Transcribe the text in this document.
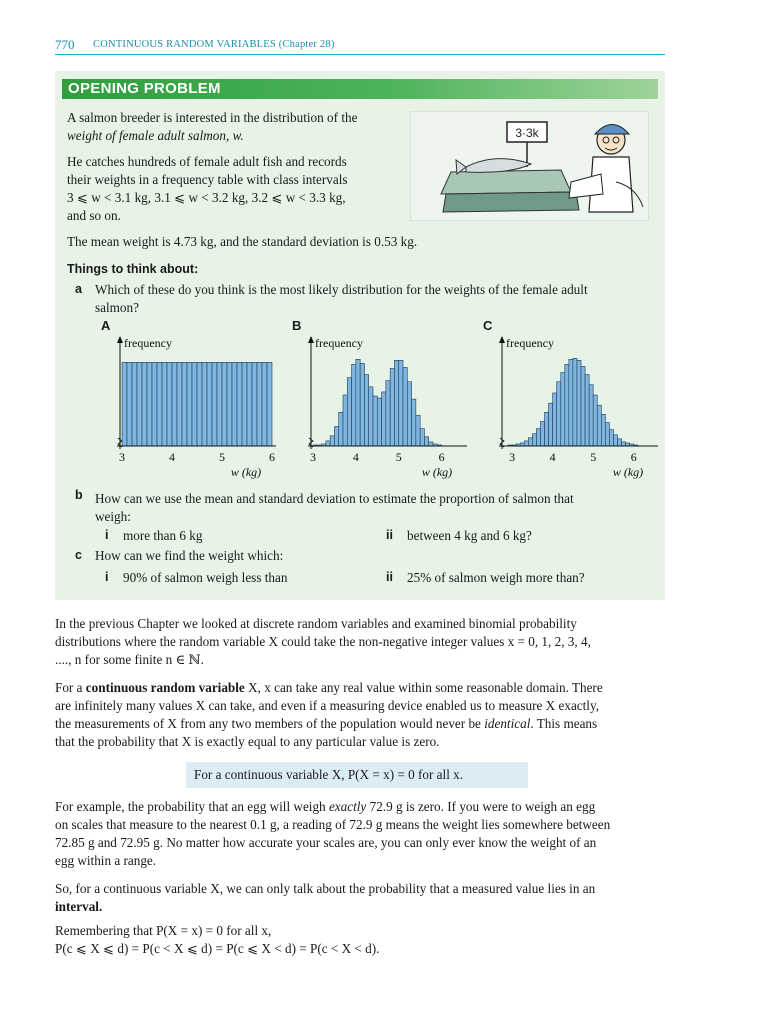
770 CONTINUOUS RANDOM VARIABLES (Chapter 28)
OPENING PROBLEM

A salmon breeder is interested in the distribution of the

weight of female adult salmon, w.

He catches hundreds of female adult fish and records

their weights in a frequency table with class intervals

3 ⩽ w < 3.1 kg, 3.1 ⩽ w < 3.2 kg, 3.2 ⩽ w < 3.3 kg,

and so on.

3·3k

The mean weight is 4.73 kg, and the standard deviation is 0.53 kg.

Things to think about:

a Which of these do you think is the most likely distribution for the weights of the female adult

salmon?

b How can we use the mean and standard deviation to estimate the proportion of salmon that

weigh:

i more than 6 kg	ii between 4 kg and 6 kg?

c How can we find the weight which:

i 90% of salmon weigh less than	ii 25% of salmon weigh more than?

A	B	C
frequency
3	4	5	6
w (kg)
frequency
3	4	5	6
w (kg)
frequency
3	4	5	6
w (kg)

In the previous Chapter we looked at discrete random variables and examined binomial probability

distributions where the random variable X could take the non-negative integer values x = 0, 1, 2, 3, 4,

...., n for some finite n ∈ ℕ.

For a continuous random variable X, x can take any real value within some reasonable domain. There

are infinitely many values X can take, and even if a measuring device enabled us to measure X exactly,

the measurements of X from any two members of the population would never be identical. This means

that the probability that X is exactly equal to any particular value is zero.

For a continuous variable X, P(X = x) = 0 for all x.

For example, the probability that an egg will weigh exactly 72.9 g is zero. If you were to weigh an egg

on scales that measure to the nearest 0.1 g, a reading of 72.9 g means the weight lies somewhere between

72.85 g and 72.95 g. No matter how accurate your scales are, you can only ever know the weight of an

egg within a range.

So, for a continuous variable X, we can only talk about the probability that a measured value lies in an

interval.

Remembering that P(X = x) = 0 for all x,

P(c ⩽ X ⩽ d) = P(c < X ⩽ d) = P(c ⩽ X < d) = P(c < X < d).
